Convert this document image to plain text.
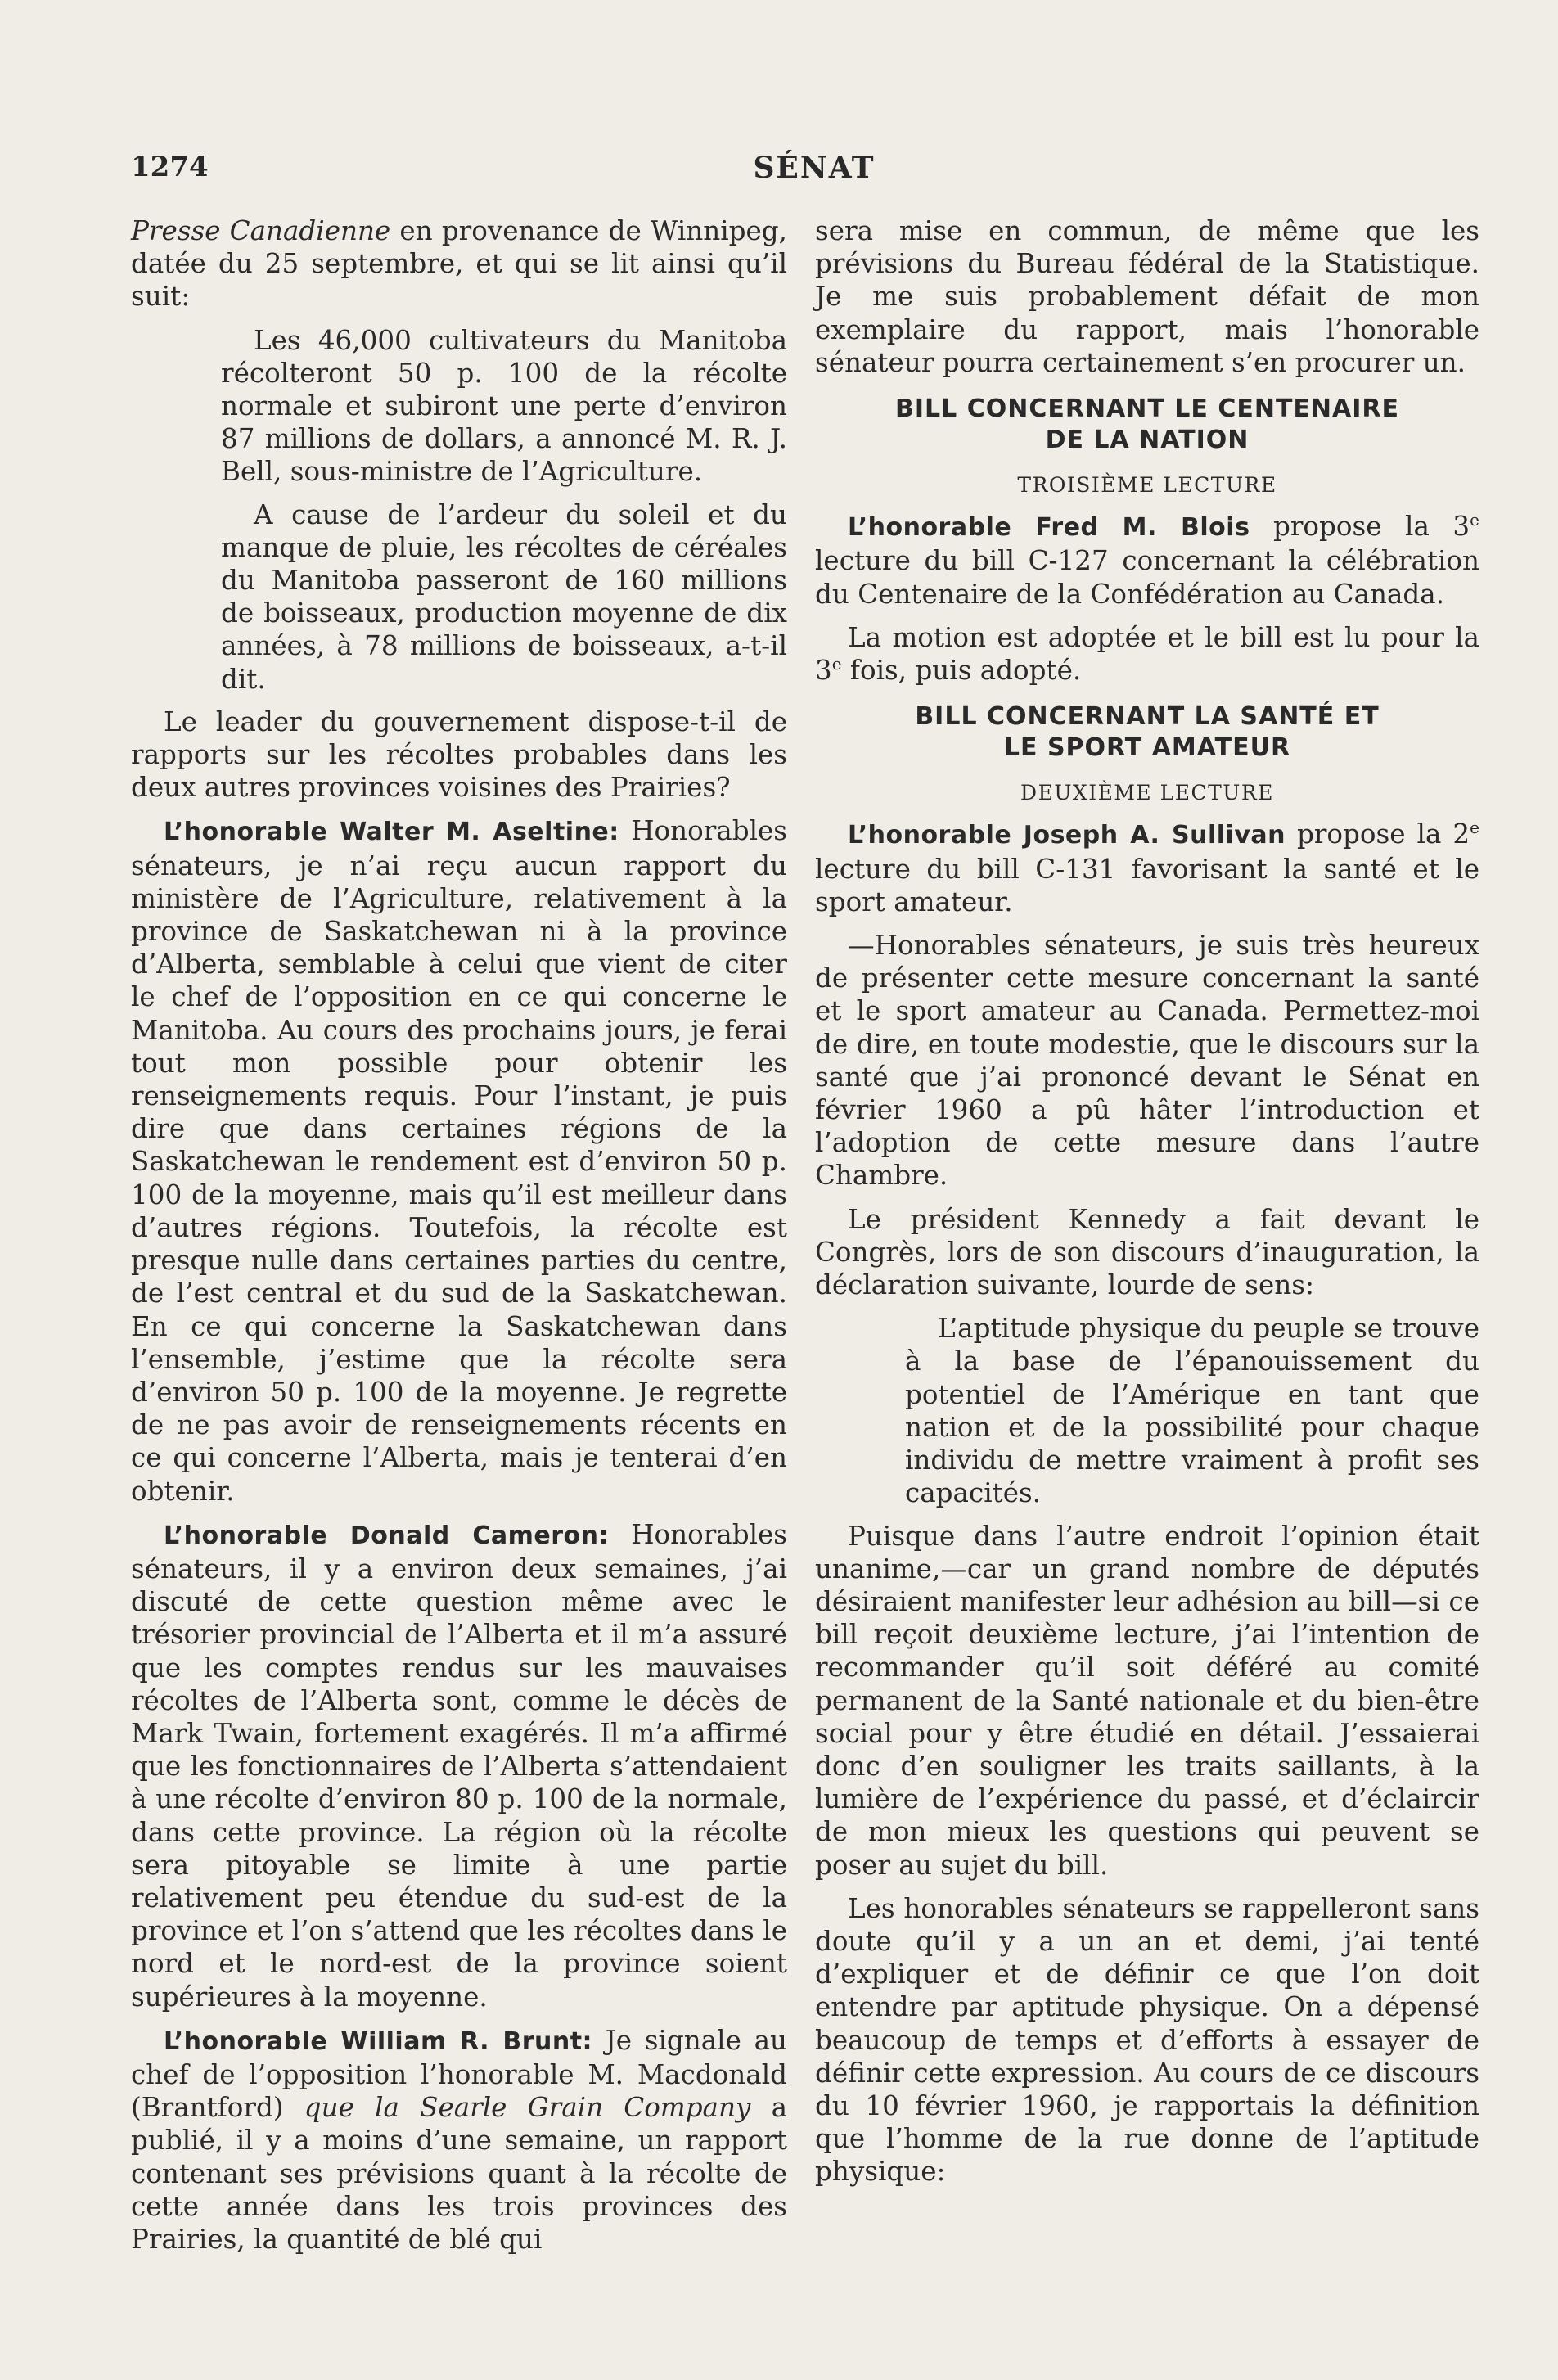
1274	SÉNAT

Presse Canadienne en provenance de Winnipeg, datée du 25 septembre, et qui se lit ainsi qu’il suit:

Les 46,000 cultivateurs du Manitoba récolteront 50 p. 100 de la récolte normale et subiront une perte d’environ 87 millions de dollars, a annoncé M. R. J. Bell, sous-ministre de l’Agriculture.

A cause de l’ardeur du soleil et du manque de pluie, les récoltes de céréales du Manitoba passeront de 160 millions de boisseaux, production moyenne de dix années, à 78 millions de boisseaux, a-t-il dit.

Le leader du gouvernement dispose-t-il de rapports sur les récoltes probables dans les deux autres provinces voisines des Prairies?

L’honorable Walter M. Aseltine: Honorables sénateurs, je n’ai reçu aucun rapport du ministère de l’Agriculture, relativement à la province de Saskatchewan ni à la province d’Alberta, semblable à celui que vient de citer le chef de l’opposition en ce qui concerne le Manitoba. Au cours des prochains jours, je ferai tout mon possible pour obtenir les renseignements requis. Pour l’instant, je puis dire que dans certaines régions de la Saskatchewan le rendement est d’environ 50 p. 100 de la moyenne, mais qu’il est meilleur dans d’autres régions. Toutefois, la récolte est presque nulle dans certaines parties du centre, de l’est central et du sud de la Saskatchewan. En ce qui concerne la Saskatchewan dans l’ensemble, j’estime que la récolte sera d’environ 50 p. 100 de la moyenne. Je regrette de ne pas avoir de renseignements récents en ce qui concerne l’Alberta, mais je tenterai d’en obtenir.

L’honorable Donald Cameron: Honorables sénateurs, il y a environ deux semaines, j’ai discuté de cette question même avec le trésorier provincial de l’Alberta et il m’a assuré que les comptes rendus sur les mauvaises récoltes de l’Alberta sont, comme le décès de Mark Twain, fortement exagérés. Il m’a affirmé que les fonctionnaires de l’Alberta s’attendaient à une récolte d’environ 80 p. 100 de la normale, dans cette province. La région où la récolte sera pitoyable se limite à une partie relativement peu étendue du sud-est de la province et l’on s’attend que les récoltes dans le nord et le nord-est de la province soient supérieures à la moyenne.

L’honorable William R. Brunt: Je signale au chef de l’opposition l’honorable M. Macdonald (Brantford) que la Searle Grain Company a publié, il y a moins d’une semaine, un rapport contenant ses prévisions quant à la récolte de cette année dans les trois provinces des Prairies, la quantité de blé qui

sera mise en commun, de même que les prévisions du Bureau fédéral de la Statistique. Je me suis probablement défait de mon exemplaire du rapport, mais l’honorable sénateur pourra certainement s’en procurer un.

BILL CONCERNANT LE CENTENAIRE
DE LA NATION
TROISIÈME LECTURE

L’honorable Fred M. Blois propose la 3e lecture du bill C-127 concernant la célébration du Centenaire de la Confédération au Canada.

La motion est adoptée et le bill est lu pour la 3e fois, puis adopté.

BILL CONCERNANT LA SANTÉ ET
LE SPORT AMATEUR
DEUXIÈME LECTURE

L’honorable Joseph A. Sullivan propose la 2e lecture du bill C-131 favorisant la santé et le sport amateur.

—Honorables sénateurs, je suis très heureux de présenter cette mesure concernant la santé et le sport amateur au Canada. Permettez-moi de dire, en toute modestie, que le discours sur la santé que j’ai prononcé devant le Sénat en février 1960 a pû hâter l’introduction et l’adoption de cette mesure dans l’autre Chambre.

Le président Kennedy a fait devant le Congrès, lors de son discours d’inauguration, la déclaration suivante, lourde de sens:

L’aptitude physique du peuple se trouve à la base de l’épanouissement du potentiel de l’Amérique en tant que nation et de la possibilité pour chaque individu de mettre vraiment à profit ses capacités.

Puisque dans l’autre endroit l’opinion était unanime,—car un grand nombre de députés désiraient manifester leur adhésion au bill—si ce bill reçoit deuxième lecture, j’ai l’intention de recommander qu’il soit déféré au comité permanent de la Santé nationale et du bien-être social pour y être étudié en détail. J’essaierai donc d’en souligner les traits saillants, à la lumière de l’expérience du passé, et d’éclaircir de mon mieux les questions qui peuvent se poser au sujet du bill.

Les honorables sénateurs se rappelleront sans doute qu’il y a un an et demi, j’ai tenté d’expliquer et de définir ce que l’on doit entendre par aptitude physique. On a dépensé beaucoup de temps et d’efforts à essayer de définir cette expression. Au cours de ce discours du 10 février 1960, je rapportais la définition que l’homme de la rue donne de l’aptitude physique:
